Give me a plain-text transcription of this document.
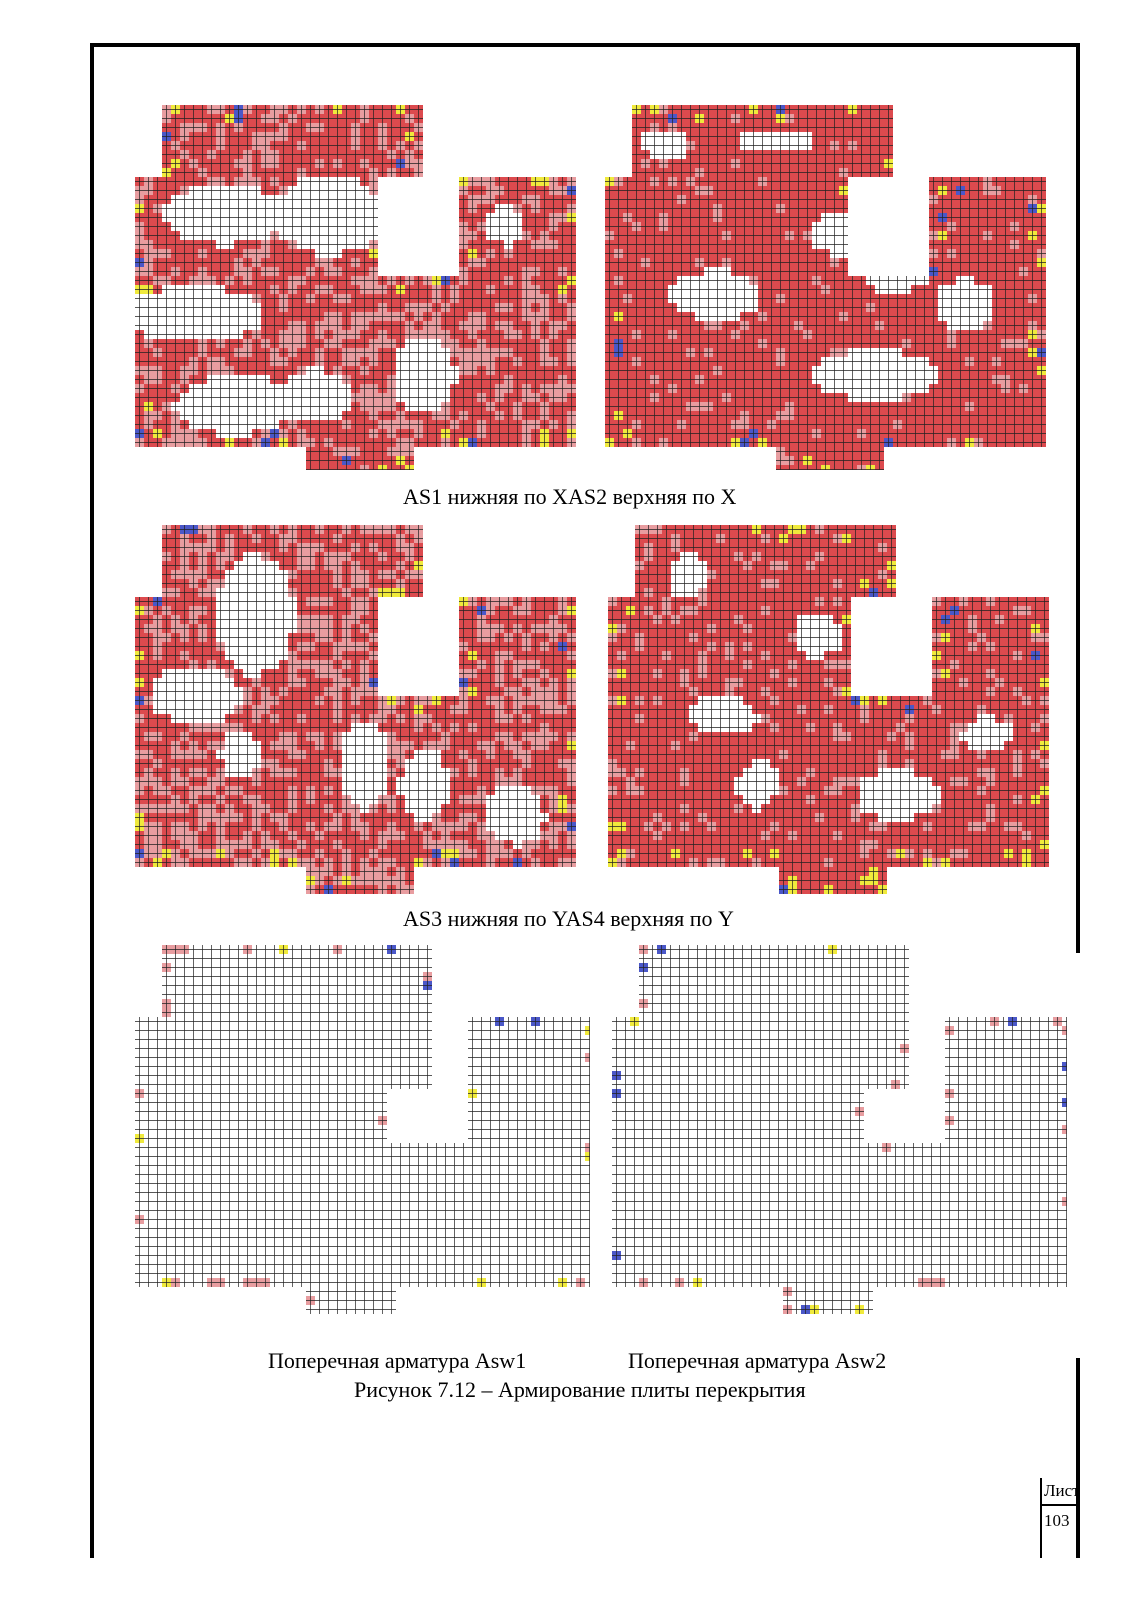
AS1 нижняя по XAS2 верхняя по X
AS3 нижняя по YAS4 верхняя по Y
Поперечная арматура Asw1	Поперечная арматура Asw2
Рисунок 7.12 – Армирование плиты перекрытия
Лист
103
